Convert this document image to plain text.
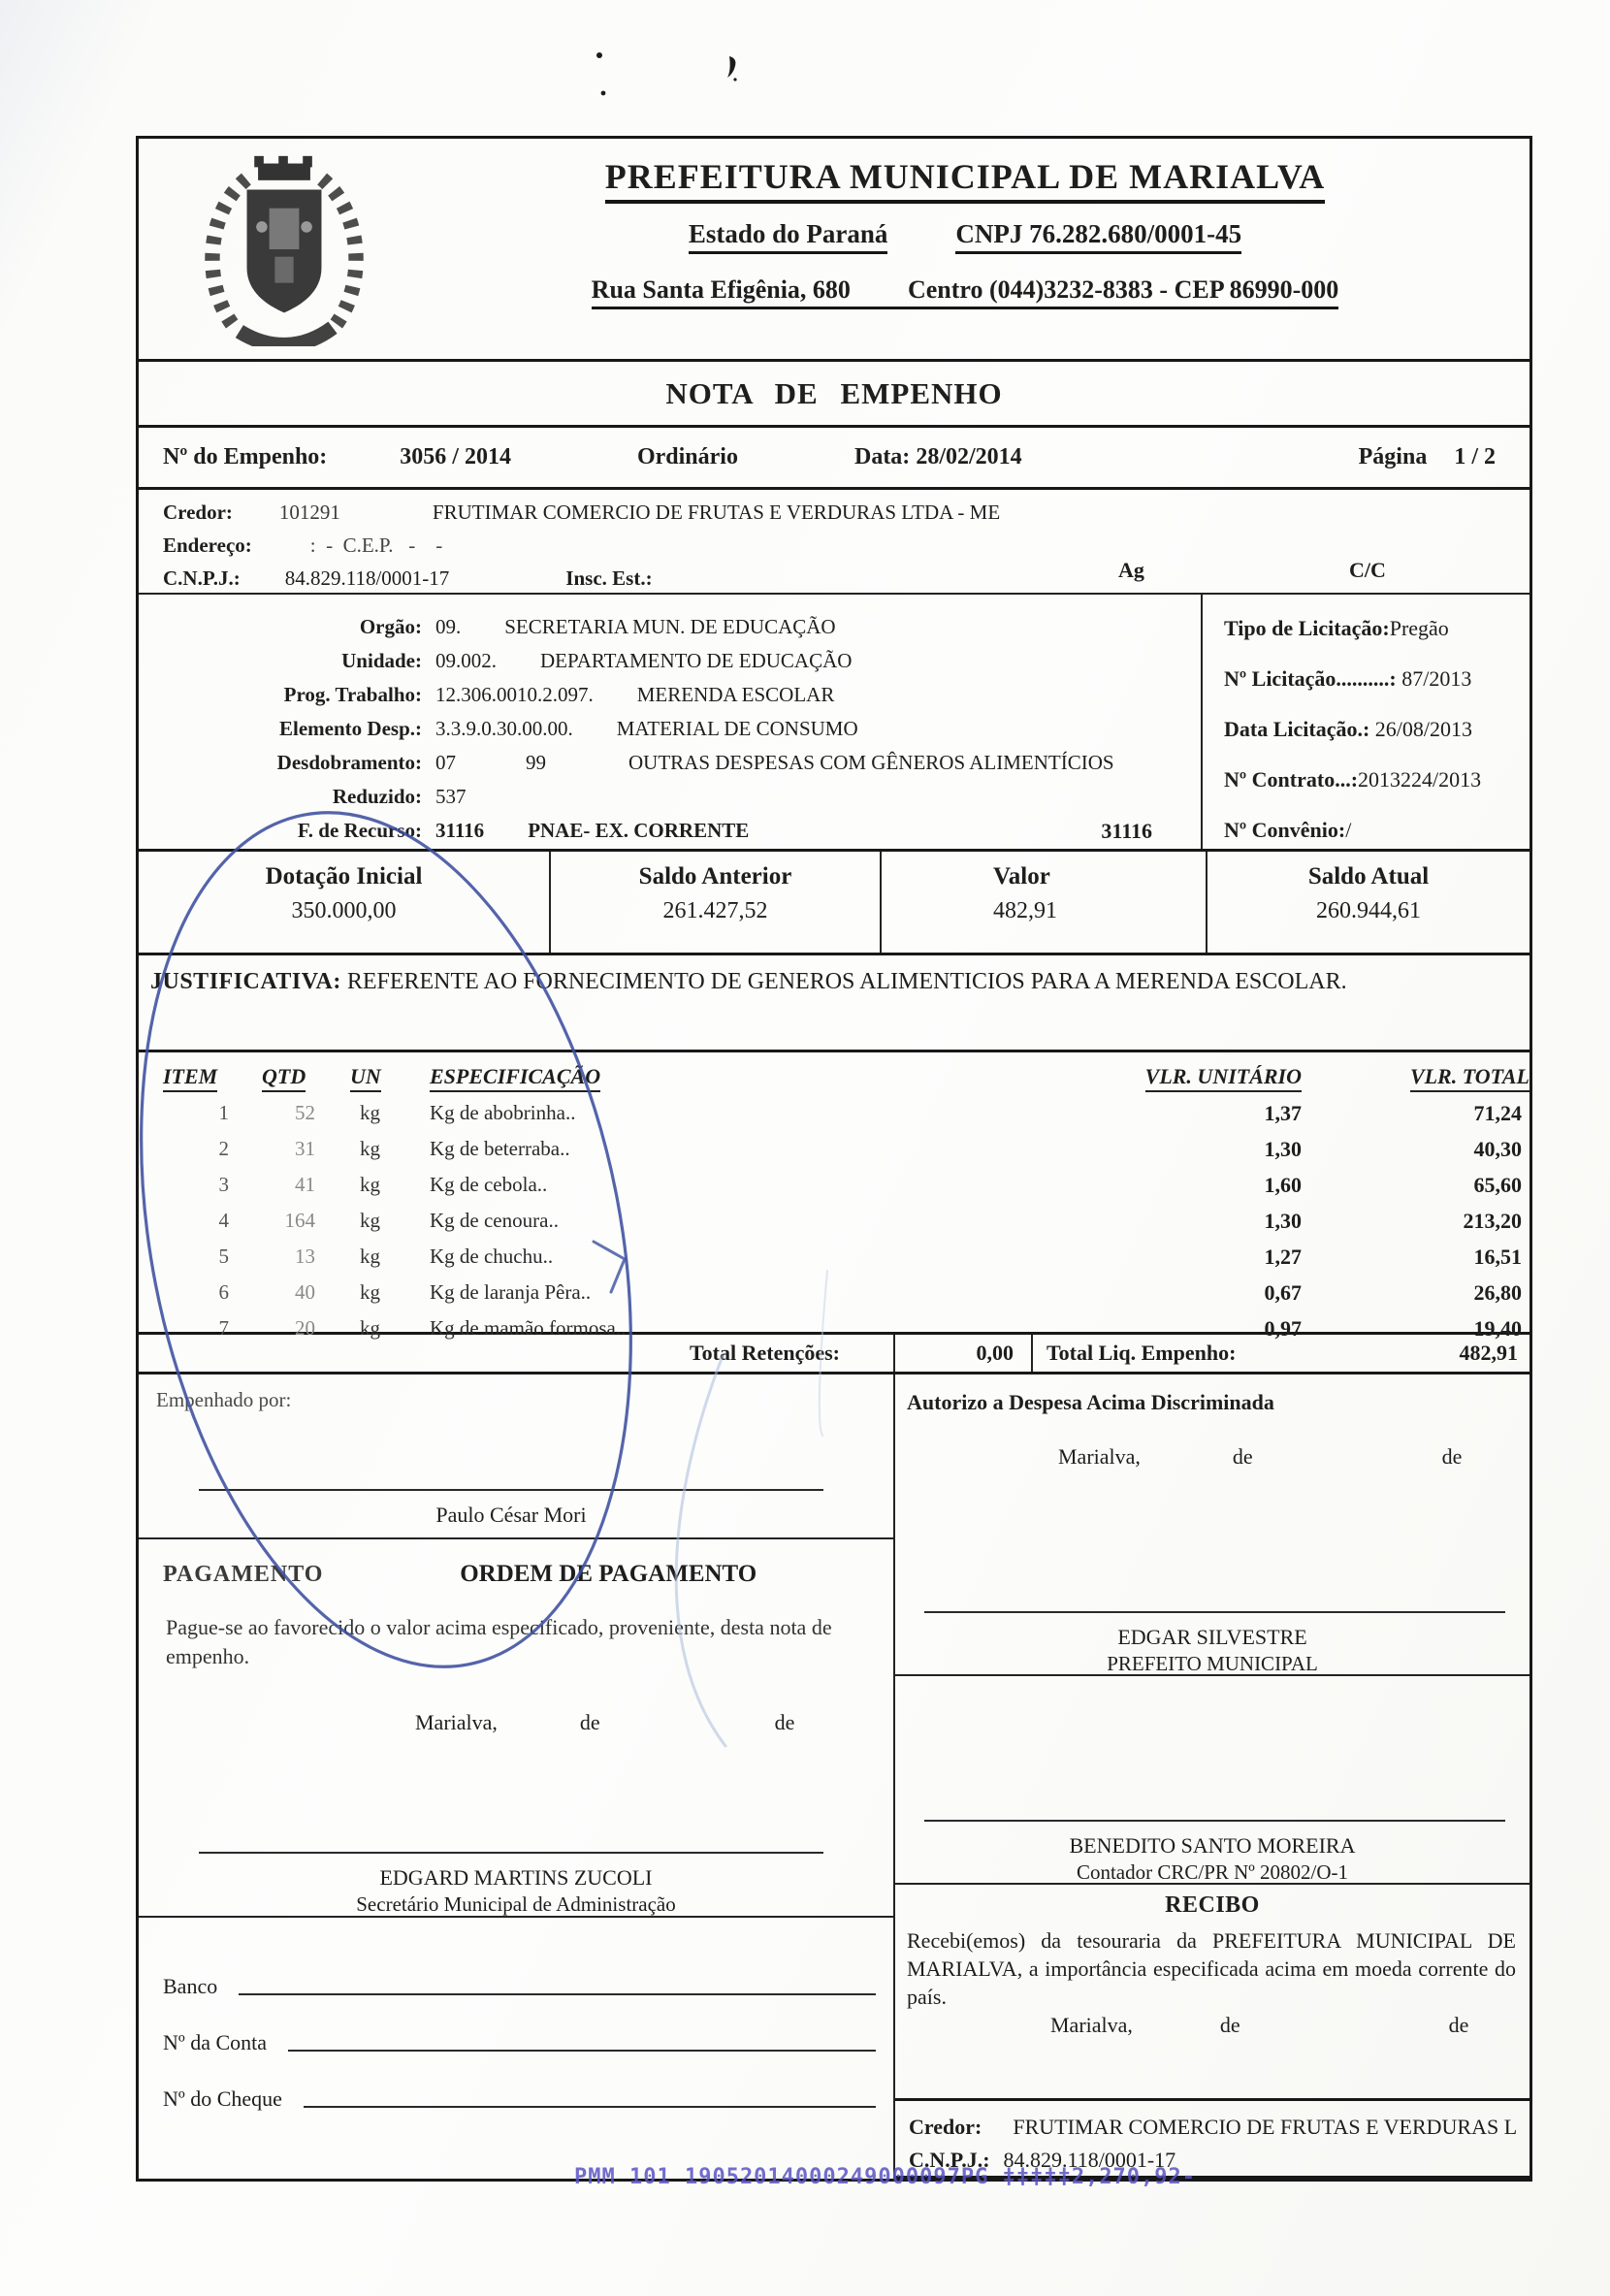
PREFEITURA MUNICIPAL DE MARIALVA
Estado do Paraná	CNPJ 76.282.680/0001-45
Rua Santa Efigênia, 680 Centro (044)3232-8383 - CEP 86990-000
NOTA DE EMPENHO
Nº do Empenho:	3056 / 2014	Ordinário	Data: 28/02/2014	Página 1 / 2
Credor: 101291	FRUTIMAR COMERCIO DE FRUTAS E VERDURAS LTDA - ME
Endereço:	:  -  C.E.P.   -    -
C.N.P.J.: 84.829.118/0001-17	Insc. Est.:	Ag	C/C
Orgão: 09. SECRETARIA MUN. DE EDUCAÇÃO
Unidade: 09.002. DEPARTAMENTO DE EDUCAÇÃO
Prog. Trabalho: 12.306.0010.2.097. MERENDA ESCOLAR
Elemento Desp.: 3.3.9.0.30.00.00. MATERIAL DE CONSUMO
Desdobramento: 07	99	OUTRAS DESPESAS COM GÊNEROS ALIMENTÍCIOS
Reduzido: 537
F. de Recurso: 31116 PNAE- EX. CORRENTE	31116
Tipo de Licitação:Pregão
Nº Licitação..........: 87/2013
Data Licitação.: 26/08/2013
Nº Contrato...:2013224/2013
Nº Convênio:/
Dotação Inicial
350.000,00
Saldo Anterior
261.427,52
Valor
482,91
Saldo Atual
260.944,61
JUSTIFICATIVA: REFERENTE AO FORNECIMENTO DE GENEROS ALIMENTICIOS PARA A MERENDA ESCOLAR.
ITEM QTD UN ESPECIFICAÇÃO	VLR. UNITÁRIO	VLR. TOTAL
1	52	kg	Kg de abobrinha..	1,37	71,24
2	31	kg	Kg de beterraba..	1,30	40,30
3	41	kg	Kg de cebola..	1,60	65,60
4	164	kg	Kg de cenoura..	1,30	213,20
5	13	kg	Kg de chuchu..	1,27	16,51
6	40	kg	Kg de laranja Pêra..	0,67	26,80
7	20	kg	Kg de mamão formosa..	0,97	19,40
Total Retenções:	0,00	Total Liq. Empenho:	482,91
Empenhado por:
Paulo César Mori
PAGAMENTO	ORDEM DE PAGAMENTO
Pague-se ao favorecido o valor acima especificado, proveniente, desta nota de empenho.
Marialva,	de	de
EDGARD MARTINS ZUCOLI
Secretário Municipal de Administração
Banco
Nº da Conta
Nº do Cheque
Autorizo a Despesa Acima Discriminada
Marialva,	de	de
EDGAR SILVESTRE
PREFEITO MUNICIPAL
BENEDITO SANTO MOREIRA
Contador CRC/PR Nº 20802/O-1
RECIBO
Recebi(emos) da tesouraria da PREFEITURA MUNICIPAL DE MARIALVA, a importância especificada acima em moeda corrente do país.
Marialva,	de	de
Credor: FRUTIMAR COMERCIO DE FRUTAS E VERDURAS L
C.N.P.J.: 84.829.118/0001-17
PMM 101 19052014000249000097PG ‡‡‡‡‡2,270,92-
